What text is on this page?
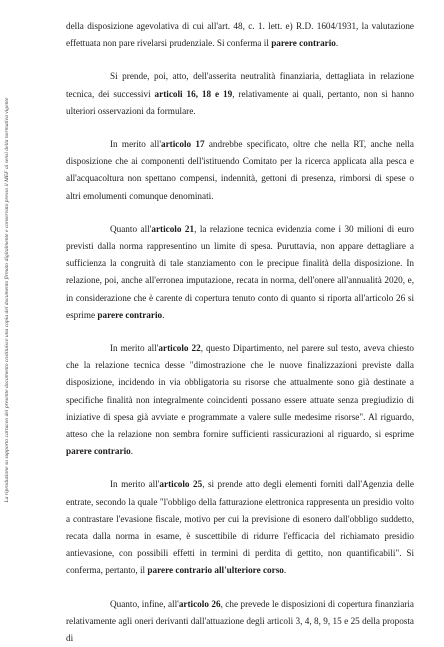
La riproduzione su supporto cartaceo del presente documento costituisce una copia del documento firmato digitalmente e conservato presso il MEF ai sensi della normativa vigente

della disposizione agevolativa di cui all'art. 48, c. 1. lett. e) R.D. 1604/1931, la valutazione effettuata non pare rivelarsi prudenziale. Si conferma il parere contrario.

Si prende, poi, atto, dell'asserita neutralità finanziaria, dettagliata in relazione tecnica, dei successivi articoli 16, 18 e 19, relativamente ai quali, pertanto, non si hanno ulteriori osservazioni da formulare.

In merito all'articolo 17 andrebbe specificato, oltre che nella RT, anche nella disposizione che ai componenti dell'istituendo Comitato per la ricerca applicata alla pesca e all'acquacoltura non spettano compensi, indennità, gettoni di presenza, rimborsi di spese o altri emolumenti comunque denominati.

Quanto all'articolo 21, la relazione tecnica evidenzia come i 30 milioni di euro previsti dalla norma rappresentino un limite di spesa. Puruttavia, non appare dettagliare a sufficienza la congruità di tale stanziamento con le precipue finalità della disposizione. In relazione, poi, anche all'erronea imputazione, recata in norma, dell'onere all'annualità 2020, e, in considerazione che è carente di copertura tenuto conto di quanto si riporta all'articolo 26 si esprime parere contrario.

In merito all'articolo 22, questo Dipartimento, nel parere sul testo, aveva chiesto che la relazione tecnica desse "dimostrazione che le nuove finalizzazioni previste dalla disposizione, incidendo in via obbligatoria su risorse che attualmente sono già destinate a specifiche finalità non integralmente coincidenti possano essere attuate senza pregiudizio di iniziative di spesa già avviate e programmate a valere sulle medesime risorse". Al riguardo, atteso che la relazione non sembra fornire sufficienti rassicurazioni al riguardo, si esprime parere contrario.

In merito all'articolo 25, si prende atto degli elementi forniti dall'Agenzia delle entrate, secondo la quale "l'obbligo della fatturazione elettronica rappresenta un presidio volto a contrastare l'evasione fiscale, motivo per cui la previsione di esonero dall'obbligo suddetto, recata dalla norma in esame, è suscettibile di ridurre l'efficacia del richiamato presidio antievasione, con possibili effetti in termini di perdita di gettito, non quantificabili". Si conferma, pertanto, il parere contrario all'ulteriore corso.

Quanto, infine, all'articolo 26, che prevede le disposizioni di copertura finanziaria relativamente agli oneri derivanti dall'attuazione degli articoli 3, 4, 8, 9, 15 e 25 della proposta di
